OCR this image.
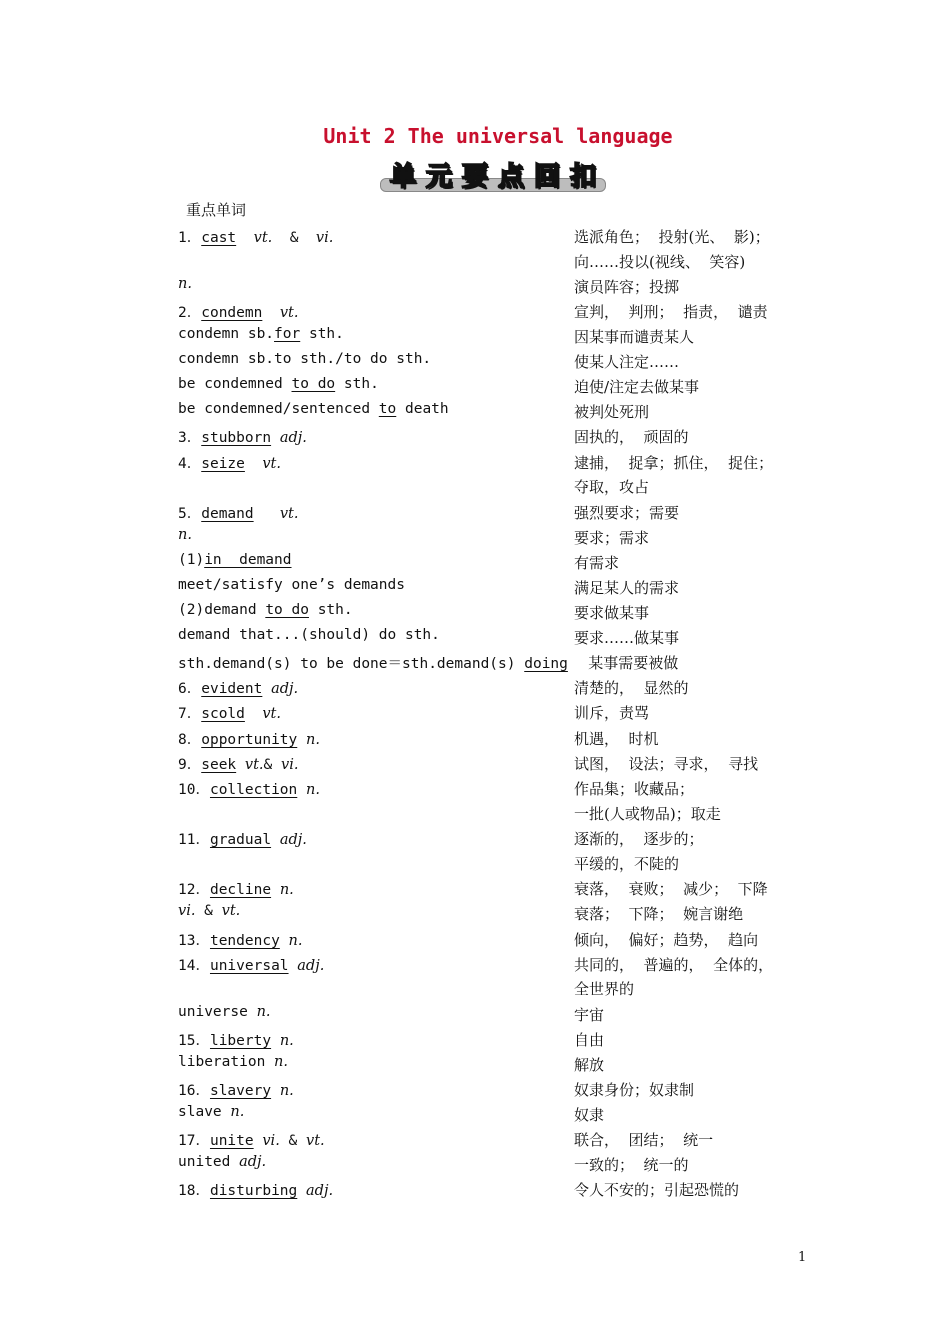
Unit 2 The universal language
单 元 要 点 回 扣
重点单词
1．cast vt.  &  vi.	选派角色；  投射(光、  影)；
向……投以(视线、  笑容)
n.	演员阵容；投掷
2．condemn vt.	宣判，  判刑；  指责，  谴责
condemn sb.for sth.	因某事而谴责某人
condemn sb.to sth./to do sth.	使某人注定……
be condemned to do sth.	迫使/注定去做某事
be condemned/sentenced to death	被判处死刑
3．stubborn adj.	固执的，  顽固的
4．seize vt.	逮捕，  捉拿；抓住，  捉住；
夺取，攻占
5．demand vt.	强烈要求；需要
n.	要求；需求
(1)in  demand	有需求
meet/satisfy one’s demands	满足某人的需求
(2)demand to do sth.	要求做某事
demand that...(should) do sth.	要求……做某事
sth.demand(s) to be done＝sth.demand(s) doing 某事需要被做
6．evident adj.	清楚的，  显然的
7．scold vt.	训斥，责骂
8．opportunity n.	机遇，  时机
9．seek vt.& vi.	试图，  设法；寻求，  寻找
10．collection n.	作品集；收藏品；
一批(人或物品)；取走
11．gradual adj.	逐渐的，  逐步的；
平缓的，不陡的
12．decline n.	衰落，  衰败；  减少；  下降
vi. & vt.	衰落；  下降；  婉言谢绝
13．tendency n.	倾向，  偏好；趋势，  趋向
14．universal adj.	共同的，  普遍的，  全体的，
全世界的
universe n.	宇宙
15．liberty n.	自由
liberation n.	解放
16．slavery n.	奴隶身份；奴隶制
slave n.	奴隶
17．unite vi. & vt.	联合，  团结；  统一
united adj.	一致的；  统一的
18．disturbing adj.	令人不安的；引起恐慌的
1
